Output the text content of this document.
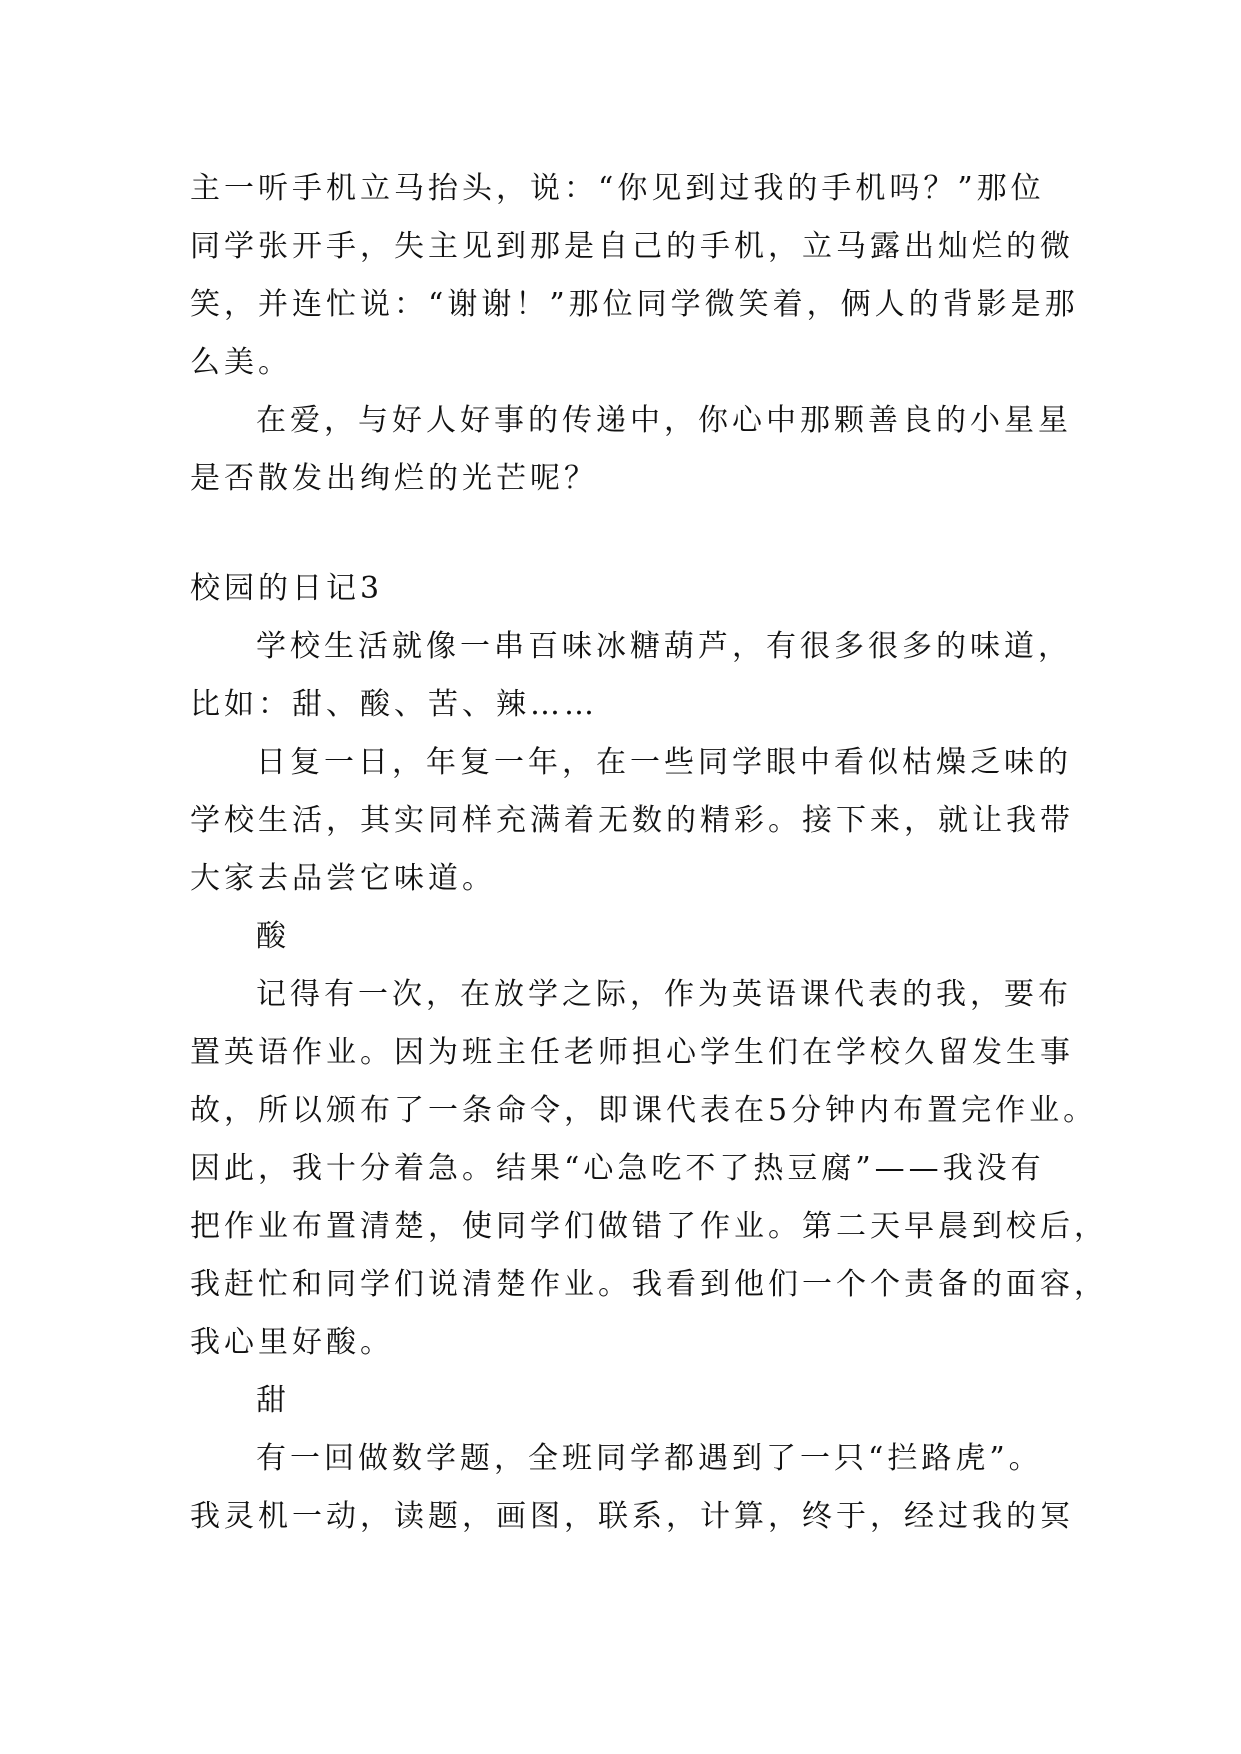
主一听手机立马抬头，说：“你见到过我的手机吗？”那位
同学张开手，失主见到那是自己的手机，立马露出灿烂的微
笑，并连忙说：“谢谢！”那位同学微笑着，俩人的背影是那
么美。
在爱，与好人好事的传递中，你心中那颗善良的小星星
是否散发出绚烂的光芒呢？
校园的日记3
学校生活就像一串百味冰糖葫芦，有很多很多的味道，
比如：甜、酸、苦、辣……
日复一日，年复一年，在一些同学眼中看似枯燥乏味的
学校生活，其实同样充满着无数的精彩。接下来，就让我带
大家去品尝它味道。
酸
记得有一次，在放学之际，作为英语课代表的我，要布
置英语作业。因为班主任老师担心学生们在学校久留发生事
故，所以颁布了一条命令，即课代表在5分钟内布置完作业。
因此，我十分着急。结果“心急吃不了热豆腐”——我没有
把作业布置清楚，使同学们做错了作业。第二天早晨到校后，
我赶忙和同学们说清楚作业。我看到他们一个个责备的面容，
我心里好酸。
甜
有一回做数学题，全班同学都遇到了一只“拦路虎”。
我灵机一动，读题，画图，联系，计算，终于，经过我的冥
